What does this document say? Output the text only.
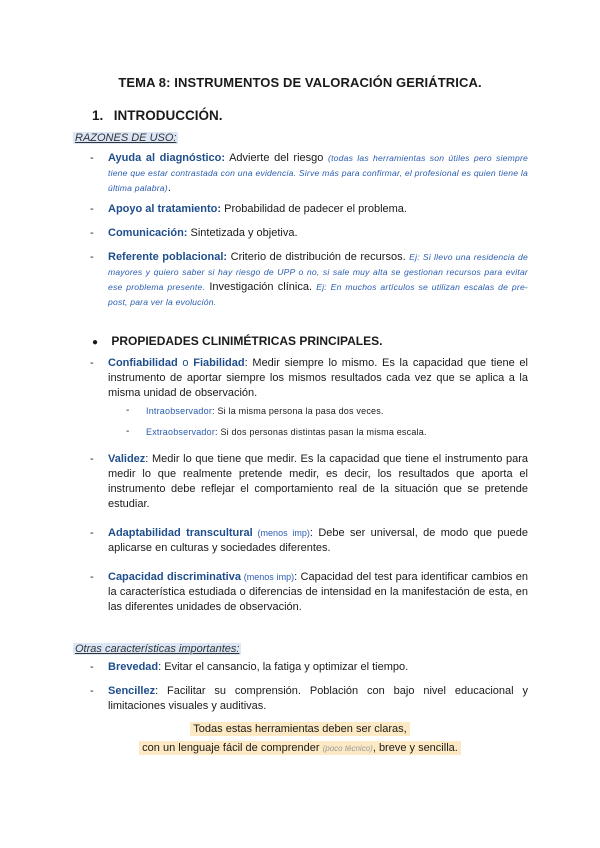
TEMA 8: INSTRUMENTOS DE VALORACIÓN GERIÁTRICA.
1. INTRODUCCIÓN.
RAZONES DE USO:
- Ayuda al diagnóstico: Advierte del riesgo (todas las herramientas son útiles pero siempre tiene que estar contrastada con una evidencia. Sirve más para confirmar, el profesional es quien tiene la última palabra).
- Apoyo al tratamiento: Probabilidad de padecer el problema.
- Comunicación: Sintetizada y objetiva.
- Referente poblacional: Criterio de distribución de recursos. Ej: Si llevo una residencia de mayores y quiero saber si hay riesgo de UPP o no, si sale muy alta se gestionan recursos para evitar ese problema presente. Investigación clínica. Ej: En muchos artículos se utilizan escalas de pre-post, para ver la evolución.
● PROPIEDADES CLINIMÉTRICAS PRINCIPALES.
- Confiabilidad o Fiabilidad: Medir siempre lo mismo. Es la capacidad que tiene el instrumento de aportar siempre los mismos resultados cada vez que se aplica a la misma unidad de observación.
- Intraobservador: Si la misma persona la pasa dos veces.
- Extraobservador: Si dos personas distintas pasan la misma escala.
- Validez: Medir lo que tiene que medir. Es la capacidad que tiene el instrumento para medir lo que realmente pretende medir, es decir, los resultados que aporta el instrumento debe reflejar el comportamiento real de la situación que se pretende estudiar.
- Adaptabilidad transcultural (menos imp): Debe ser universal, de modo que puede aplicarse en culturas y sociedades diferentes.
- Capacidad discriminativa (menos imp): Capacidad del test para identificar cambios en la característica estudiada o diferencias de intensidad en la manifestación de esta, en las diferentes unidades de observación.
Otras características importantes:
- Brevedad: Evitar el cansancio, la fatiga y optimizar el tiempo.
- Sencillez: Facilitar su comprensión. Población con bajo nivel educacional y limitaciones visuales y auditivas.
Todas estas herramientas deben ser claras,
con un lenguaje fácil de comprender (poco técnico), breve y sencilla.
